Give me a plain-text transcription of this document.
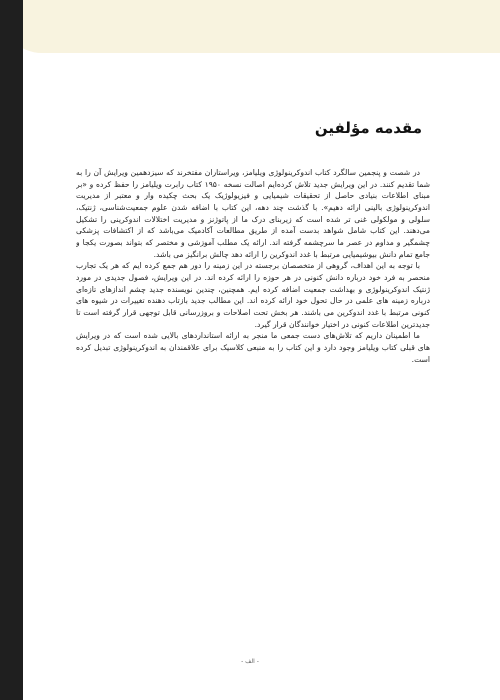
مقدمه مؤلفین

در شصت و پنجمین سالگرد کتاب اندوکرینولوژی ویلیامز، ویراستاران مفتخرند که سیزدهمین ویرایش آن را به شما تقدیم کنند. در این ویرایش جدید تلاش کرده‌ایم اصالت نسخه ۱۹۵۰ کتاب رابرت ویلیامز را حفظ کرده و «بر مبنای اطلاعات بنیادی حاصل از تحقیقات شیمیایی و فیزیولوژیک یک بحث چکیده وار و معتبر از مدیریت اندوکرینولوژی بالینی ارائه دهیم». با گذشت چند دهه، این کتاب با اضافه شدن علوم جمعیت‌شناسی، ژنتیک، سلولی و مولکولی غنی تر شده است که زیربنای درک ما از پاتوژنز و مدیریت اختلالات اندوکرینی را تشکیل می‌دهند. این کتاب شامل شواهد بدست آمده از طریق مطالعات آکادمیک می‌باشد که از اکتشافات پزشکی چشمگیر و مداوم در عصر ما سرچشمه گرفته اند. ارائه یک مطلب آموزشی و مختصر که بتواند بصورت یکجا و جامع تمام دانش بیوشیمیایی مرتبط با غدد اندوکرین را ارائه دهد چالش برانگیز می باشد.

با توجه به این اهداف، گروهی از متخصصان برجسته در این زمینه را دور هم جمع کرده ایم که هر یک تجارب منحصر به فرد خود درباره دانش کنونی در هر حوزه را ارائه کرده اند. در این ویرایش، فصول جدیدی در مورد ژنتیک اندوکرینولوژی و بهداشت جمعیت اضافه کرده ایم. همچنین، چندین نویسنده جدید چشم اندازهای تازه‌ای درباره زمینه های علمی در حال تحول خود ارائه کرده اند. این مطالب جدید بازتاب دهنده تغییرات در شیوه های کنونی مرتبط با غدد اندوکرین می باشند. هر بخش تحت اصلاحات و بروزرسانی قابل توجهی قرار گرفته است تا جدیدترین اطلاعات کنونی در اختیار خوانندگان قرار گیرد.

ما اطمینان داریم که تلاش‌های دست جمعی ما منجر به ارائه استانداردهای بالایی شده است که در ویرایش های قبلی کتاب ویلیامز وجود دارد و این کتاب را به منبعی کلاسیک برای علاقمندان به اندوکرینولوژی تبدیل کرده است.

- الف -
